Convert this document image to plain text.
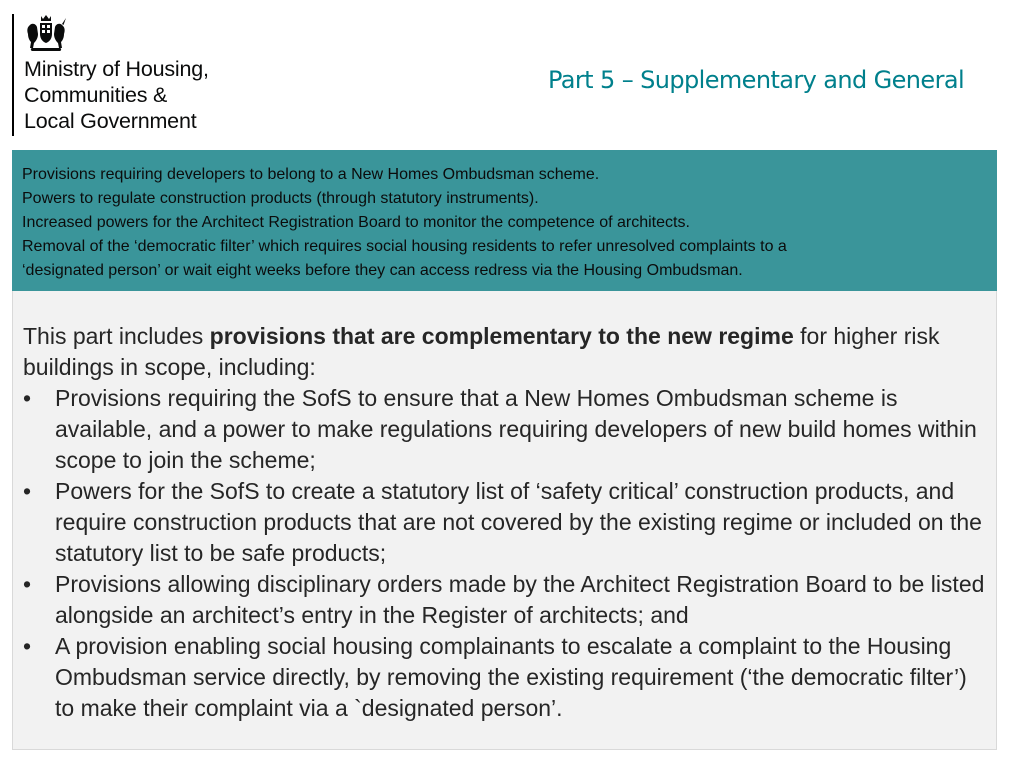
Ministry of Housing,
Communities &
Local Government
Part 5 – Supplementary and General
Provisions requiring developers to belong to a New Homes Ombudsman scheme.
Powers to regulate construction products (through statutory instruments).
Increased powers for the Architect Registration Board to monitor the competence of architects.
Removal of the ‘democratic filter’ which requires social housing residents to refer unresolved complaints to a
‘designated person’ or wait eight weeks before they can access redress via the Housing Ombudsman.
This part includes provisions that are complementary to the new regime for higher risk buildings in scope, including:
•	Provisions requiring the SofS to ensure that a New Homes Ombudsman scheme is available, and a power to make regulations requiring developers of new build homes within scope to join the scheme;
•	Powers for the SofS to create a statutory list of ‘safety critical’ construction products, and require construction products that are not covered by the existing regime or included on the statutory list to be safe products;
•	Provisions allowing disciplinary orders made by the Architect Registration Board to be listed alongside an architect’s entry in the Register of architects; and
•	A provision enabling social housing complainants to escalate a complaint to the Housing Ombudsman service directly, by removing the existing requirement (‘the democratic filter’) to make their complaint via a `designated person’.
